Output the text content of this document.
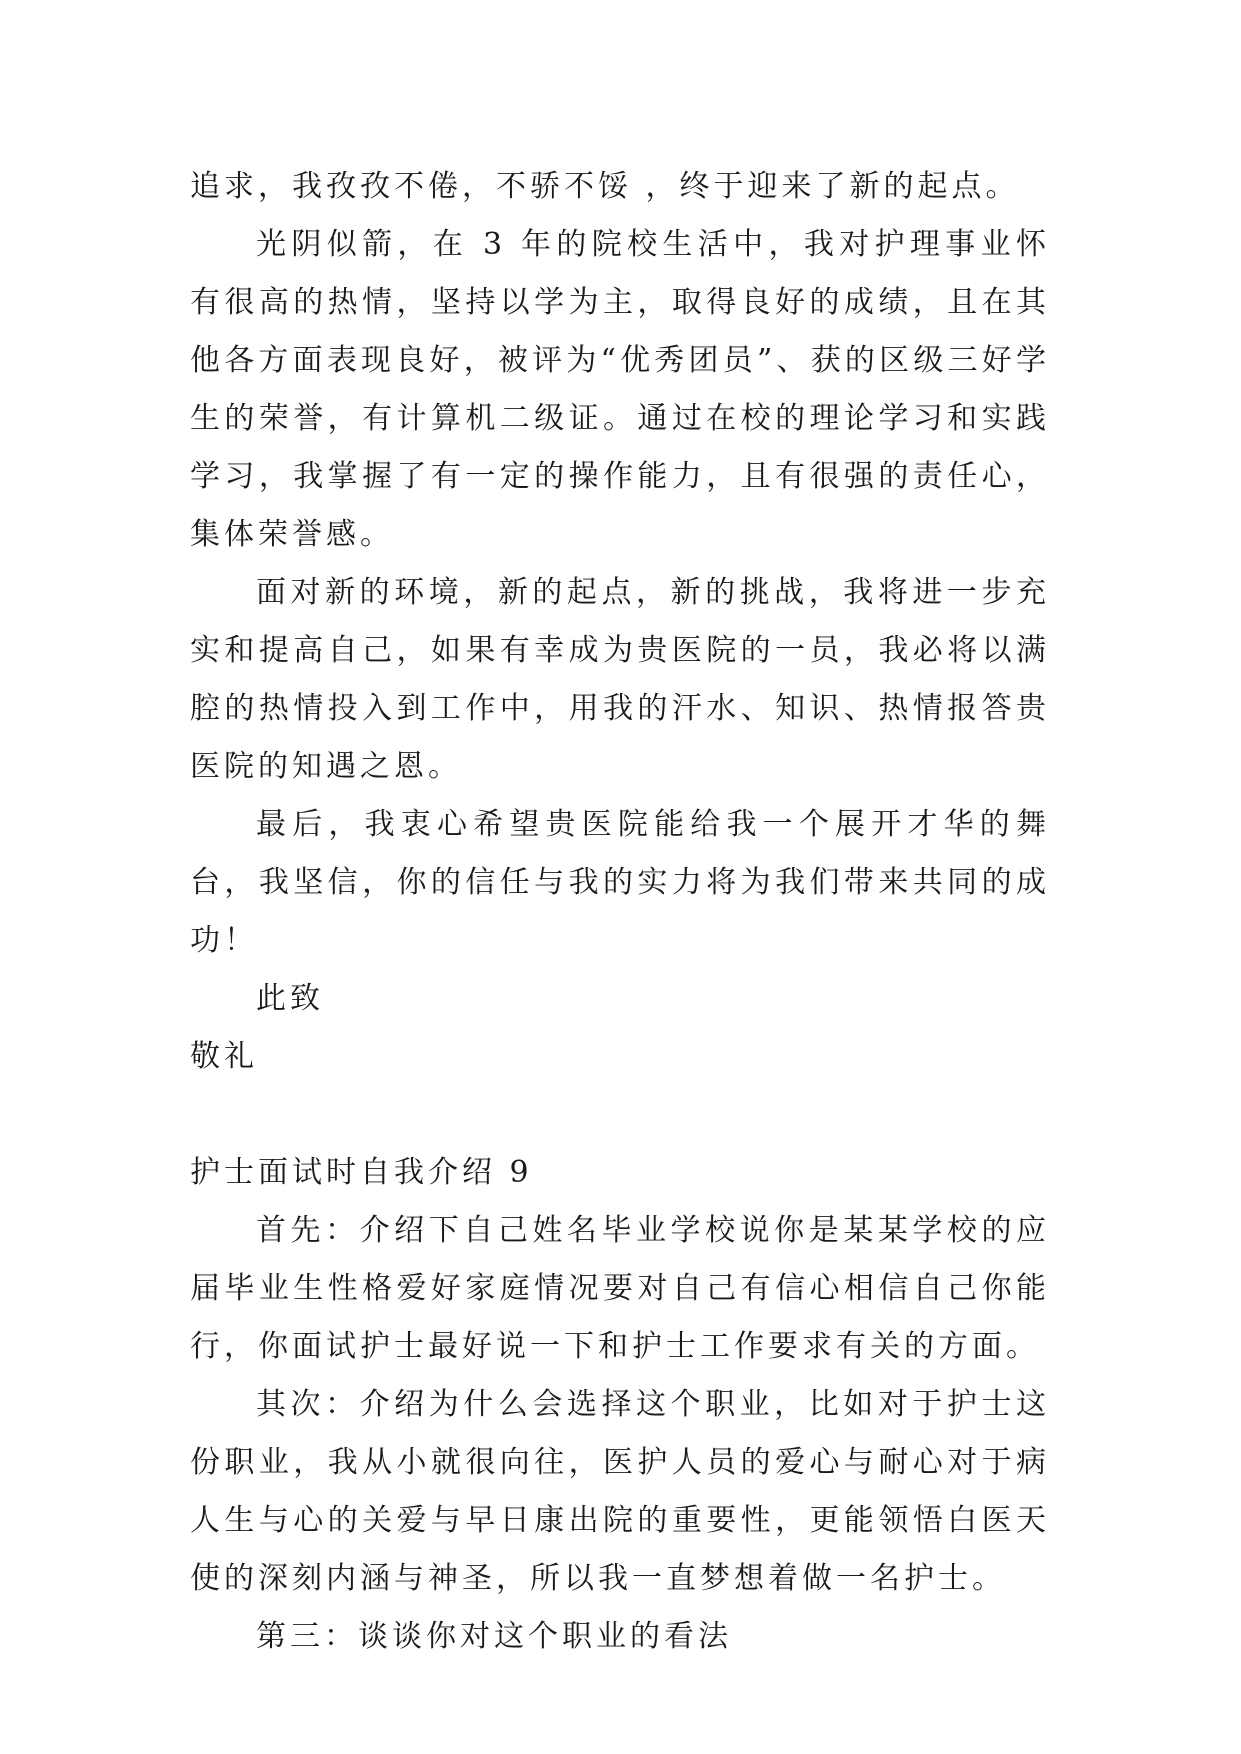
追求，我孜孜不倦，不骄不馁 ，终于迎来了新的起点。

光阴似箭，在 3 年的院校生活中，我对护理事业怀有很高的热情，坚持以学为主，取得良好的成绩，且在其他各方面表现良好，被评为“优秀团员”、获的区级三好学生的荣誉，有计算机二级证。通过在校的理论学习和实践学习，我掌握了有一定的操作能力，且有很强的责任心，集体荣誉感。

面对新的环境，新的起点，新的挑战，我将进一步充实和提高自己，如果有幸成为贵医院的一员，我必将以满腔的热情投入到工作中，用我的汗水、知识、热情报答贵医院的知遇之恩。

最后，我衷心希望贵医院能给我一个展开才华的舞台，我坚信，你的信任与我的实力将为我们带来共同的成功！

此致

敬礼

护士面试时自我介绍 9

首先：介绍下自己姓名毕业学校说你是某某学校的应届毕业生性格爱好家庭情况要对自己有信心相信自己你能行，你面试护士最好说一下和护士工作要求有关的方面。

其次：介绍为什么会选择这个职业，比如对于护士这份职业，我从小就很向往，医护人员的爱心与耐心对于病人生与心的关爱与早日康出院的重要性，更能领悟白医天使的深刻内涵与神圣，所以我一直梦想着做一名护士。

第三：谈谈你对这个职业的看法
